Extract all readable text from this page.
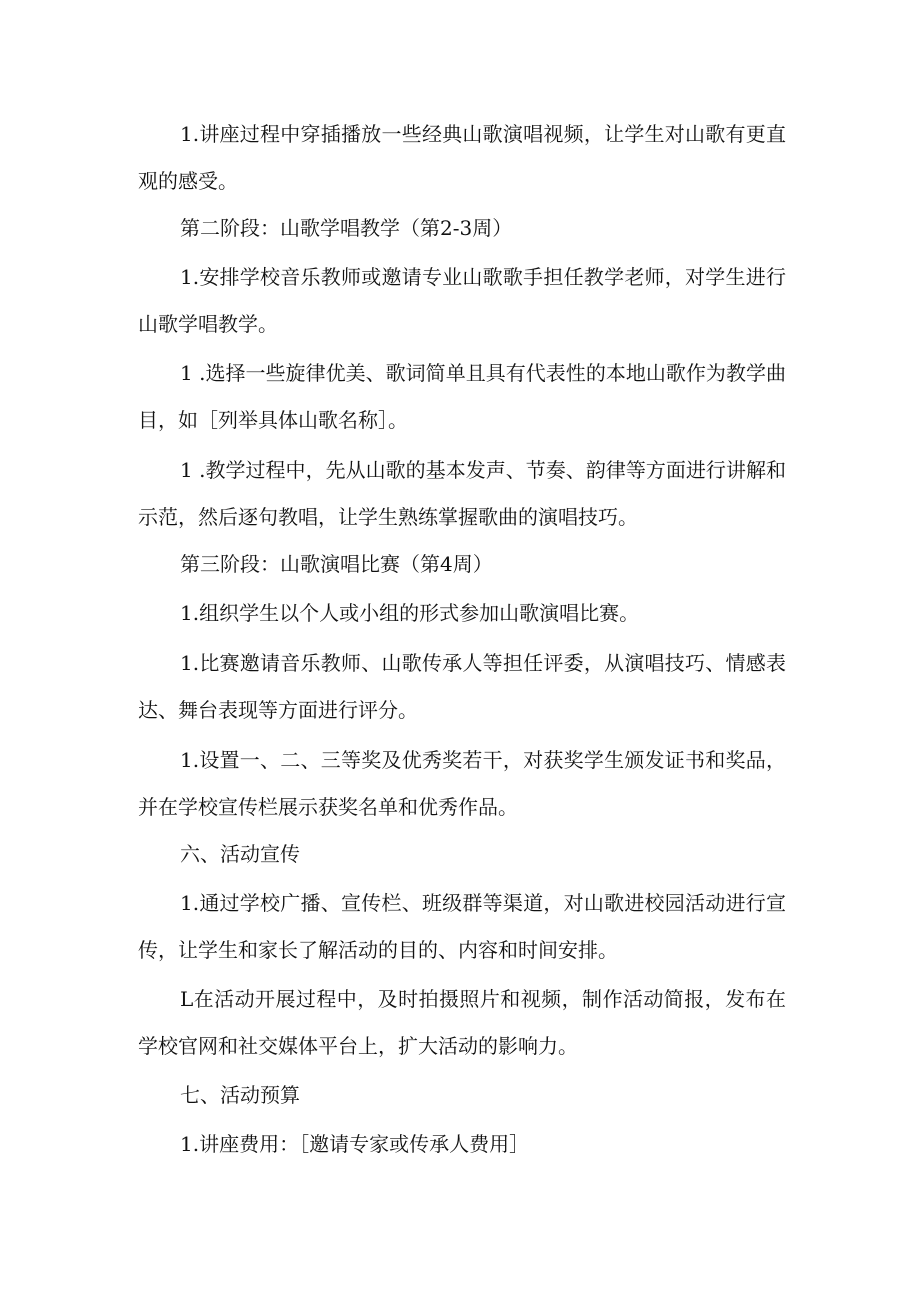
1.讲座过程中穿插播放一些经典山歌演唱视频，让学生对山歌有更直观的感受。

第二阶段：山歌学唱教学（第2-3周）

1.安排学校音乐教师或邀请专业山歌歌手担任教学老师，对学生进行山歌学唱教学。

1 .选择一些旋律优美、歌词简单且具有代表性的本地山歌作为教学曲目，如［列举具体山歌名称］。

1 .教学过程中，先从山歌的基本发声、节奏、韵律等方面进行讲解和示范，然后逐句教唱，让学生熟练掌握歌曲的演唱技巧。

第三阶段：山歌演唱比赛（第4周）

1.组织学生以个人或小组的形式参加山歌演唱比赛。

1.比赛邀请音乐教师、山歌传承人等担任评委，从演唱技巧、情感表达、舞台表现等方面进行评分。

1.设置一、二、三等奖及优秀奖若干，对获奖学生颁发证书和奖品，并在学校宣传栏展示获奖名单和优秀作品。

六、活动宣传

1.通过学校广播、宣传栏、班级群等渠道，对山歌进校园活动进行宣传，让学生和家长了解活动的目的、内容和时间安排。

L在活动开展过程中，及时拍摄照片和视频，制作活动简报，发布在学校官网和社交媒体平台上，扩大活动的影响力。

七、活动预算

1.讲座费用：［邀请专家或传承人费用］
